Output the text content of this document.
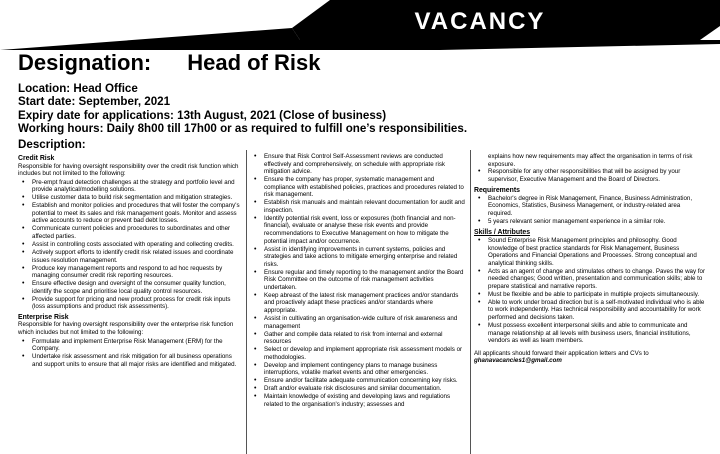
VACANCY
Designation: Head of Risk
Location: Head Office
Start date: September, 2021
Expiry date for applications: 13th August, 2021 (Close of business)
Working hours: Daily 8h00 till 17h00 or as required to fulfill one’s responsibilities.
Description:
Credit Risk
Responsible for having oversight responsibility over the credit risk function which includes but not limited to the following:
• Pre-empt fraud detection challenges at the strategy and portfolio level and provide analytical/modelling solutions.
• Utilise customer data to build risk segmentation and mitigation strategies.
• Establish and monitor policies and procedures that will foster the company's potential to meet its sales and risk management goals. Monitor and assess active accounts to reduce or prevent bad debt losses.
• Communicate current policies and procedures to subordinates and other affected parties.
• Assist in controlling costs associated with operating and collecting credits.
• Actively support efforts to identify credit risk related issues and coordinate issues resolution management.
• Produce key management reports and respond to ad hoc requests by managing consumer credit risk reporting resources.
• Ensure effective design and oversight of the consumer quality function, identify the scope and prioritise local quality control resources.
• Provide support for pricing and new product process for credit risk inputs (loss assumptions and product risk assessments).
Enterprise Risk
Responsible for having oversight responsibility over the enterprise risk function which includes but not limited to the following:
• Formulate and implement Enterprise Risk Management (ERM) for the Company.
• Undertake risk assessment and risk mitigation for all business operations and support units to ensure that all major risks are identified and mitigated.
• Ensure that Risk Control Self-Assessment reviews are conducted effectively and comprehensively, on schedule with appropriate risk mitigation advice.
• Ensure the company has proper, systematic management and compliance with established policies, practices and procedures related to risk management.
• Establish risk manuals and maintain relevant documentation for audit and inspection.
• Identify potential risk event, loss or exposures (both financial and non-financial), evaluate or analyse these risk events and provide recommendations to Executive Management on how to mitigate the potential impact and/or occurrence.
• Assist in identifying improvements in current systems, policies and strategies and take actions to mitigate emerging enterprise and related risks.
• Ensure regular and timely reporting to the management and/or the Board Risk Committee on the outcome of risk management activities undertaken.
• Keep abreast of the latest risk management practices and/or standards and proactively adapt these practices and/or standards where appropriate.
• Assist in cultivating an organisation-wide culture of risk awareness and management
• Gather and compile data related to risk from internal and external resources
• Select or develop and implement appropriate risk assessment models or methodologies.
• Develop and implement contingency plans to manage business interruptions, volatile market events and other emergencies.
• Ensure and/or facilitate adequate communication concerning key risks.
• Draft and/or evaluate risk disclosures and similar documentation.
• Maintain knowledge of existing and developing laws and regulations related to the organisation's industry; assesses and
explains how new requirements may affect the organisation in terms of risk exposure.
• Responsible for any other responsibilities that will be assigned by your supervisor, Executive Management and the Board of Directors.
Requirements
• Bachelor's degree in Risk Management, Finance, Business Administration, Economics, Statistics, Business Management, or industry-related area required.
• 5 years relevant senior management experience in a similar role.
Skills / Attributes
• Sound Enterprise Risk Management principles and philosophy. Good knowledge of best practice standards for Risk Management, Business Operations and Financial Operations and Processes. Strong conceptual and analytical thinking skills.
• Acts as an agent of change and stimulates others to change. Paves the way for needed changes; Good written, presentation and communication skills; able to prepare statistical and narrative reports.
• Must be flexible and be able to participate in multiple projects simultaneously.
• Able to work under broad direction but is a self-motivated individual who is able to work independently. Has technical responsibility and accountability for work performed and decisions taken.
• Must possess excellent interpersonal skills and able to communicate and manage relationship at all levels with business users, financial institutions, vendors as well as team members.
All applicants should forward their application letters and CVs to
ghanavacancies1@gmail.com
